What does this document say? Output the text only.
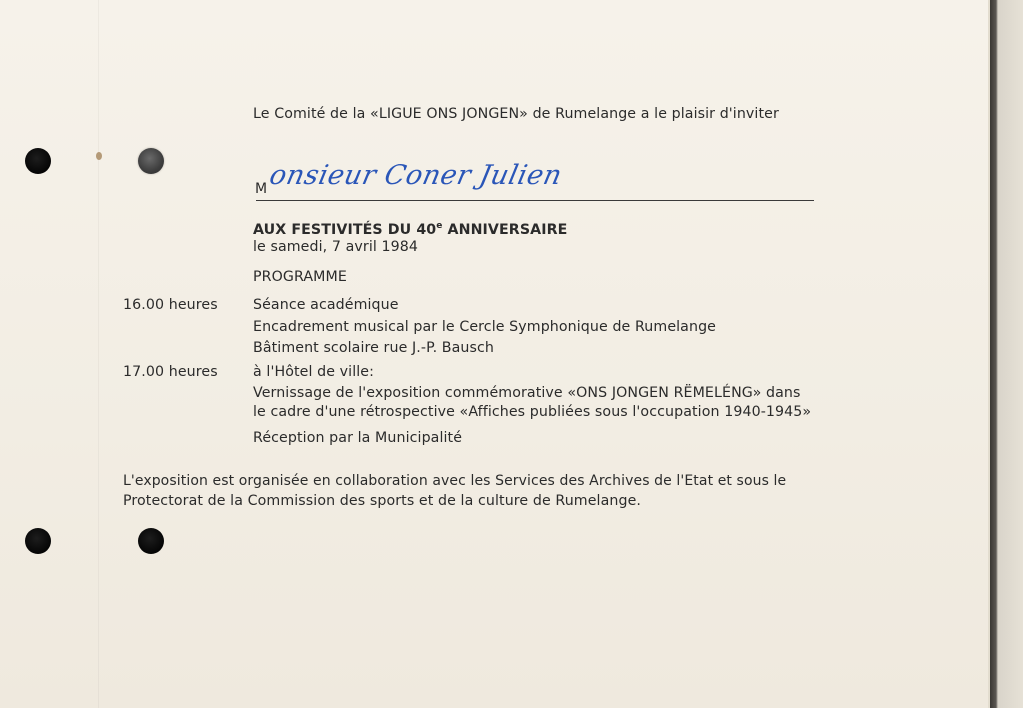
Le Comité de la «LIGUE ONS JONGEN» de Rumelange a le plaisir d'inviter
M onsieur Coner Julien
AUX FESTIVITÉS DU 40e ANNIVERSAIRE
le samedi, 7 avril 1984
PROGRAMME
16.00 heures Séance académique
Encadrement musical par le Cercle Symphonique de Rumelange
Bâtiment scolaire rue J.-P. Bausch
17.00 heures à l'Hôtel de ville:
Vernissage de l'exposition commémorative «ONS JONGEN RËMELÉNG» dans
le cadre d'une rétrospective «Affiches publiées sous l'occupation 1940-1945»
Réception par la Municipalité
L'exposition est organisée en collaboration avec les Services des Archives de l'Etat et sous le
Protectorat de la Commission des sports et de la culture de Rumelange.
